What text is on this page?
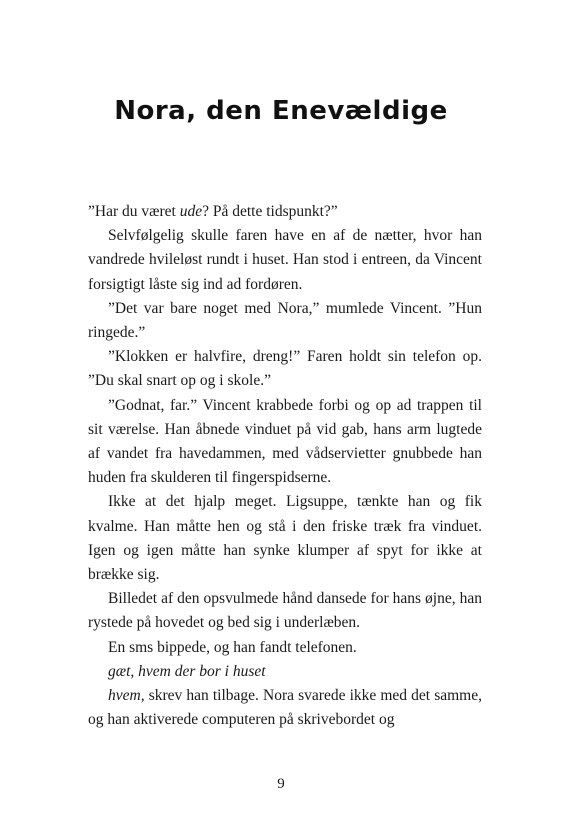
Nora, den Enevældige

”Har du været ude? På dette tidspunkt?”

Selvfølgelig skulle faren have en af de nætter, hvor han vandrede hvileløst rundt i huset. Han stod i entreen, da Vincent forsigtigt låste sig ind ad fordøren.

”Det var bare noget med Nora,” mumlede Vincent. ”Hun ringede.”

”Klokken er halvfire, dreng!” Faren holdt sin telefon op. ”Du skal snart op og i skole.”

”Godnat, far.” Vincent krabbede forbi og op ad trappen til sit værelse. Han åbnede vinduet på vid gab, hans arm lugtede af vandet fra havedammen, med vådservietter gnubbede han huden fra skulderen til fingerspidserne.

Ikke at det hjalp meget. Ligsuppe, tænkte han og fik kvalme. Han måtte hen og stå i den friske træk fra vinduet. Igen og igen måtte han synke klumper af spyt for ikke at brække sig.

Billedet af den opsvulmede hånd dansede for hans øjne, han rystede på hovedet og bed sig i underlæben.

En sms bippede, og han fandt telefonen.

gæt, hvem der bor i huset

hvem, skrev han tilbage. Nora svarede ikke med det samme, og han aktiverede computeren på skrivebordet og

9
